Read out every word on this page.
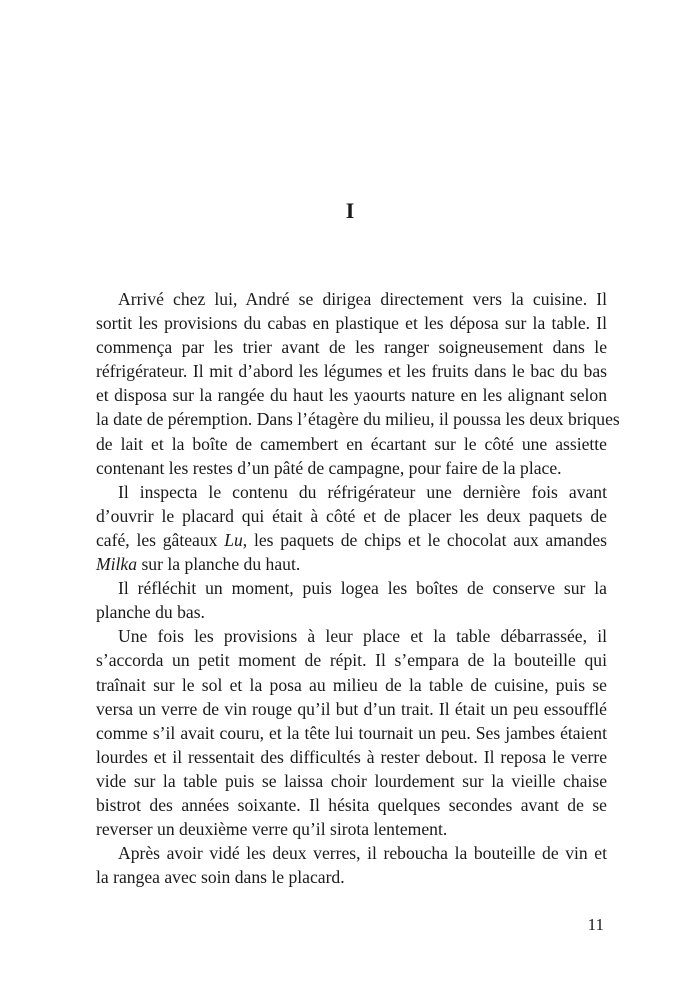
I
Arrivé chez lui, André se dirigea directement vers la cuisine. Il
sortit les provisions du cabas en plastique et les déposa sur la table. Il
commença par les trier avant de les ranger soigneusement dans le
réfrigérateur. Il mit d’abord les légumes et les fruits dans le bac du bas
et disposa sur la rangée du haut les yaourts nature en les alignant selon
la date de péremption. Dans l’étagère du milieu, il poussa les deux briques
de lait et la boîte de camembert en écartant sur le côté une assiette
contenant les restes d’un pâté de campagne, pour faire de la place.
Il inspecta le contenu du réfrigérateur une dernière fois avant
d’ouvrir le placard qui était à côté et de placer les deux paquets de
café, les gâteaux Lu, les paquets de chips et le chocolat aux amandes
Milka sur la planche du haut.
Il réfléchit un moment, puis logea les boîtes de conserve sur la
planche du bas.
Une fois les provisions à leur place et la table débarrassée, il
s’accorda un petit moment de répit. Il s’empara de la bouteille qui
traînait sur le sol et la posa au milieu de la table de cuisine, puis se
versa un verre de vin rouge qu’il but d’un trait. Il était un peu essoufflé
comme s’il avait couru, et la tête lui tournait un peu. Ses jambes étaient
lourdes et il ressentait des difficultés à rester debout. Il reposa le verre
vide sur la table puis se laissa choir lourdement sur la vieille chaise
bistrot des années soixante. Il hésita quelques secondes avant de se
reverser un deuxième verre qu’il sirota lentement.
Après avoir vidé les deux verres, il reboucha la bouteille de vin et
la rangea avec soin dans le placard.

11
